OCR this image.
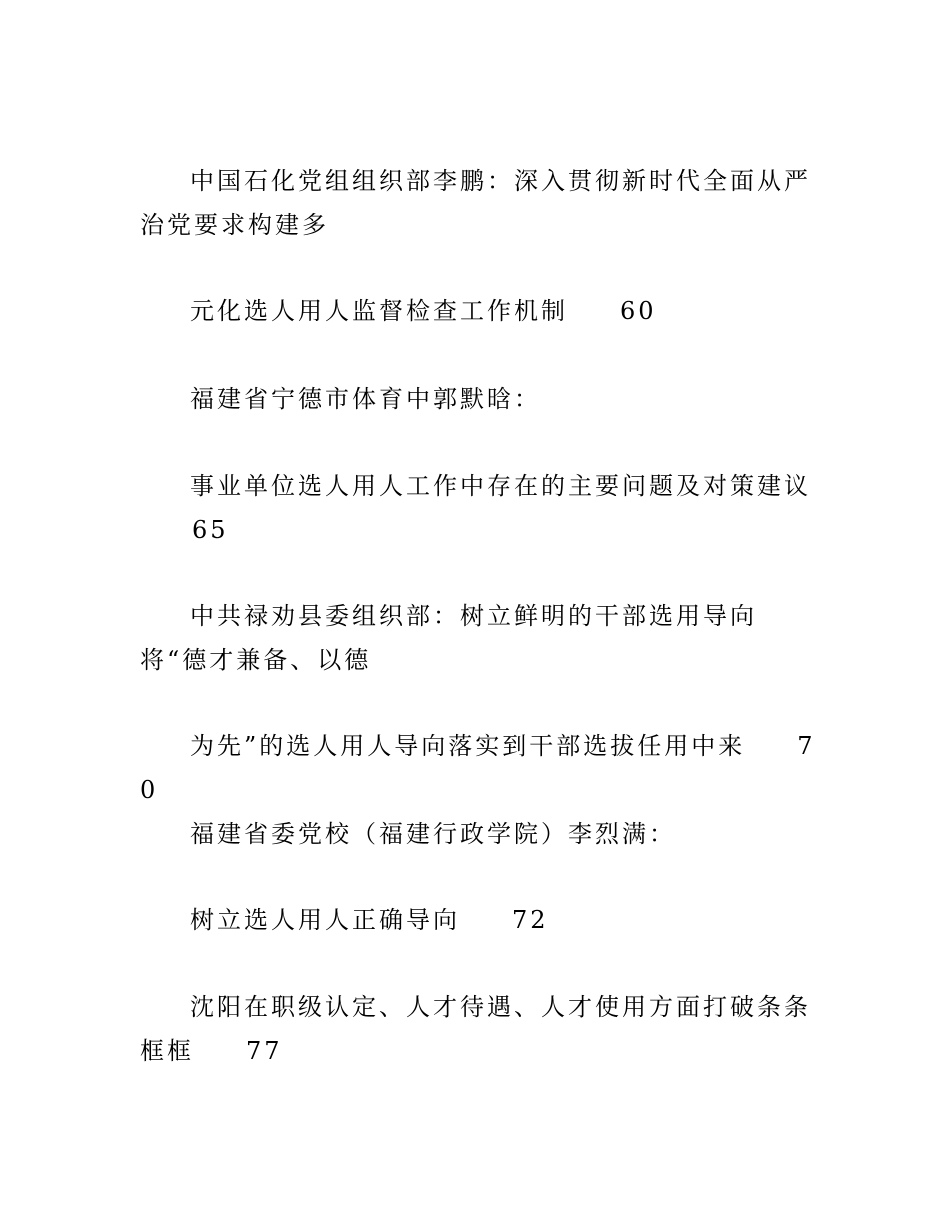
中国石化党组组织部李鹏：深入贯彻新时代全面从严治党要求构建多

元化选人用人监督检查工作机制 60

福建省宁德市体育中郭默晗：

事业单位选人用人工作中存在的主要问题及对策建议65

中共禄劝县委组织部：树立鲜明的干部选用导向 将“德才兼备、以德

为先”的选人用人导向落实到干部选拔任用中来 70

福建省委党校（福建行政学院）李烈满：

树立选人用人正确导向 72

沈阳在职级认定、人才待遇、人才使用方面打破条条框框 77
